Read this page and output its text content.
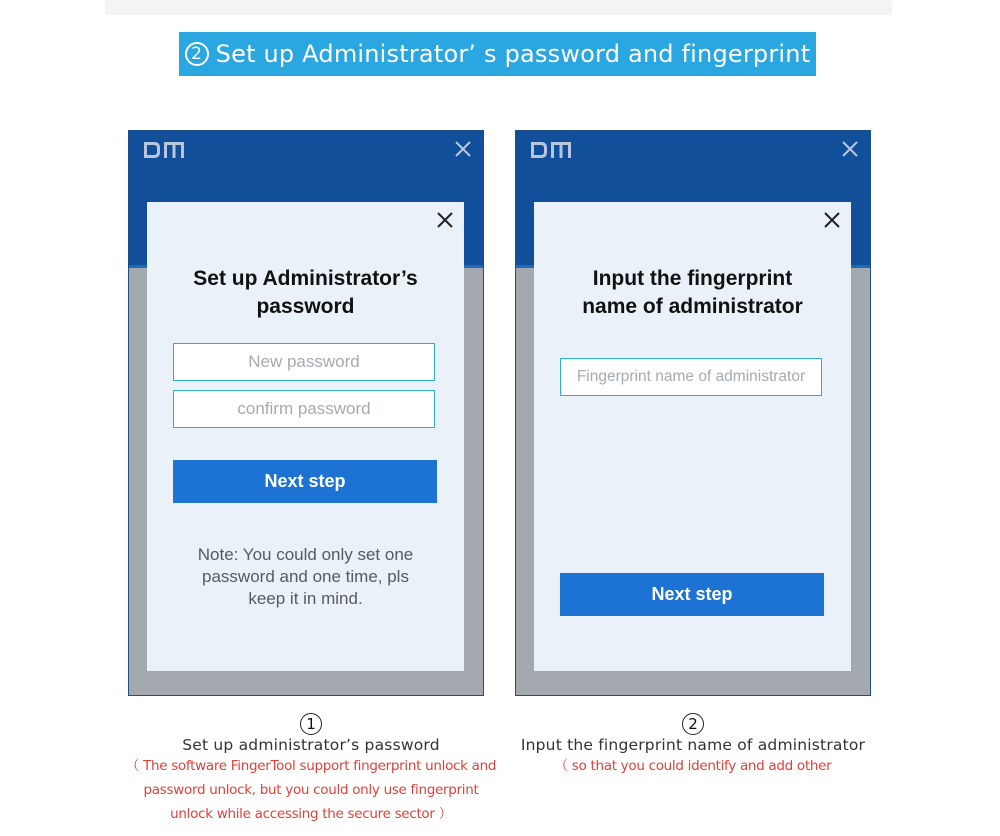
2 Set up Administrator’ s password and fingerprint
Set up Administrator’s
password
New password
confirm password
Next step
Note: You could only set one
password and one time, pls
keep it in mind.
Input the fingerprint
name of administrator
Fingerprint name of administrator
Next step
1
Set up administrator’s password
（ The software FingerTool support fingerprint unlock and
password unlock, but you could only use fingerprint
unlock while accessing the secure sector ）
2
Input the fingerprint name of administrator
（ so that you could identify and add other
